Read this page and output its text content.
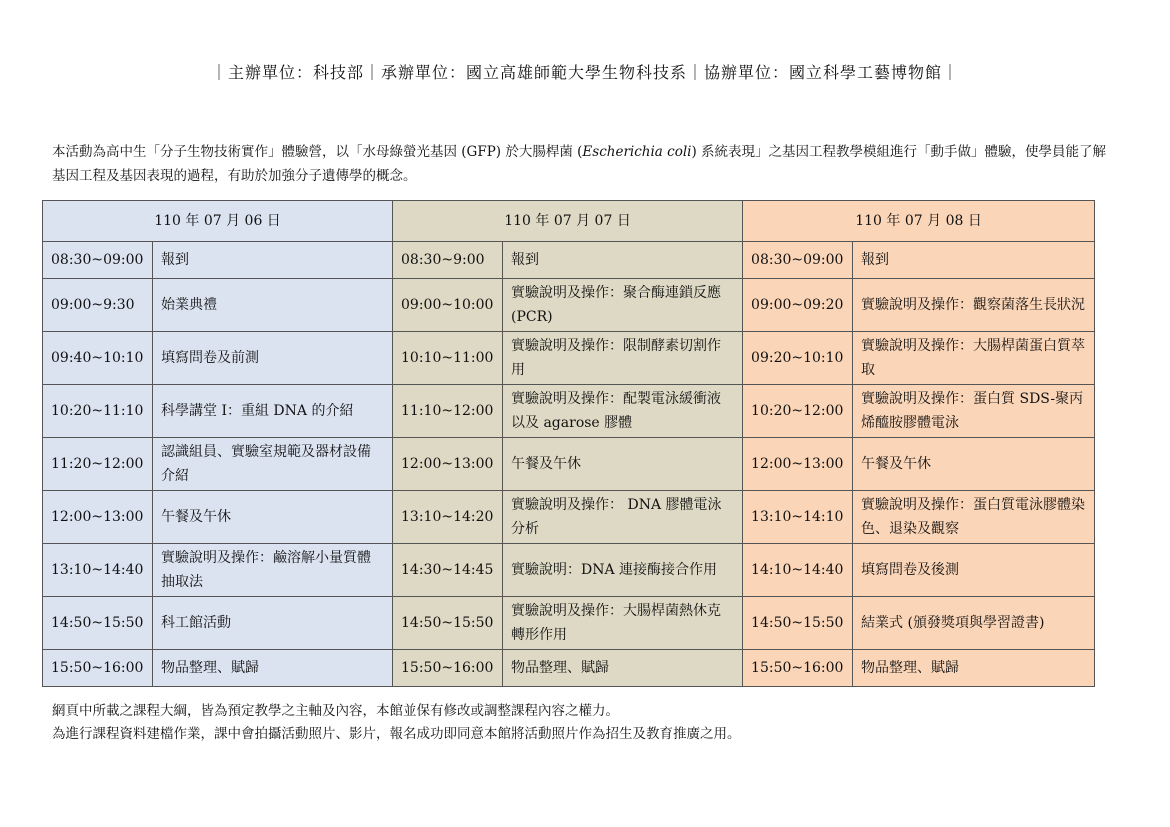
｜主辦單位：科技部｜承辦單位：國立高雄師範大學生物科技系｜協辦單位：國立科學工藝博物館｜
本活動為高中生「分子生物技術實作」體驗營，以「水母綠螢光基因 (GFP) 於大腸桿菌 (Escherichia coli) 系統表現」之基因工程教學模組進行「動手做」體驗，使學員能了解基因工程及基因表現的過程，有助於加強分子遺傳學的概念。
110 年 07 月 06 日		110 年 07 月 07 日		110 年 07 月 08 日	
08:30~09:00	報到	08:30~9:00	報到	08:30~09:00	報到
09:00~9:30	始業典禮	09:00~10:00	實驗說明及操作：聚合酶連鎖反應 (PCR)	09:00~09:20	實驗說明及操作：觀察菌落生長狀況
09:40~10:10	填寫問卷及前測	10:10~11:00	實驗說明及操作：限制酵素切割作用	09:20~10:10	實驗說明及操作：大腸桿菌蛋白質萃取
10:20~11:10	科學講堂 I：重組 DNA 的介紹	11:10~12:00	實驗說明及操作：配製電泳緩衝液以及 agarose 膠體	10:20~12:00	實驗說明及操作：蛋白質 SDS-聚丙烯醯胺膠體電泳
11:20~12:00	認識組員、實驗室規範及器材設備介紹	12:00~13:00	午餐及午休	12:00~13:00	午餐及午休
12:00~13:00	午餐及午休	13:10~14:20	實驗說明及操作： DNA 膠體電泳分析	13:10~14:10	實驗說明及操作：蛋白質電泳膠體染色、退染及觀察
13:10~14:40	實驗說明及操作：鹼溶解小量質體抽取法	14:30~14:45	實驗說明：DNA 連接酶接合作用	14:10~14:40	填寫問卷及後測
14:50~15:50	科工館活動	14:50~15:50	實驗說明及操作：大腸桿菌熱休克轉形作用	14:50~15:50	結業式 (頒發獎項與學習證書)
15:50~16:00	物品整理、賦歸	15:50~16:00	物品整理、賦歸	15:50~16:00	物品整理、賦歸
網頁中所載之課程大綱，皆為預定教學之主軸及內容，本館並保有修改或調整課程內容之權力。
為進行課程資料建檔作業，課中會拍攝活動照片、影片，報名成功即同意本館將活動照片作為招生及教育推廣之用。
